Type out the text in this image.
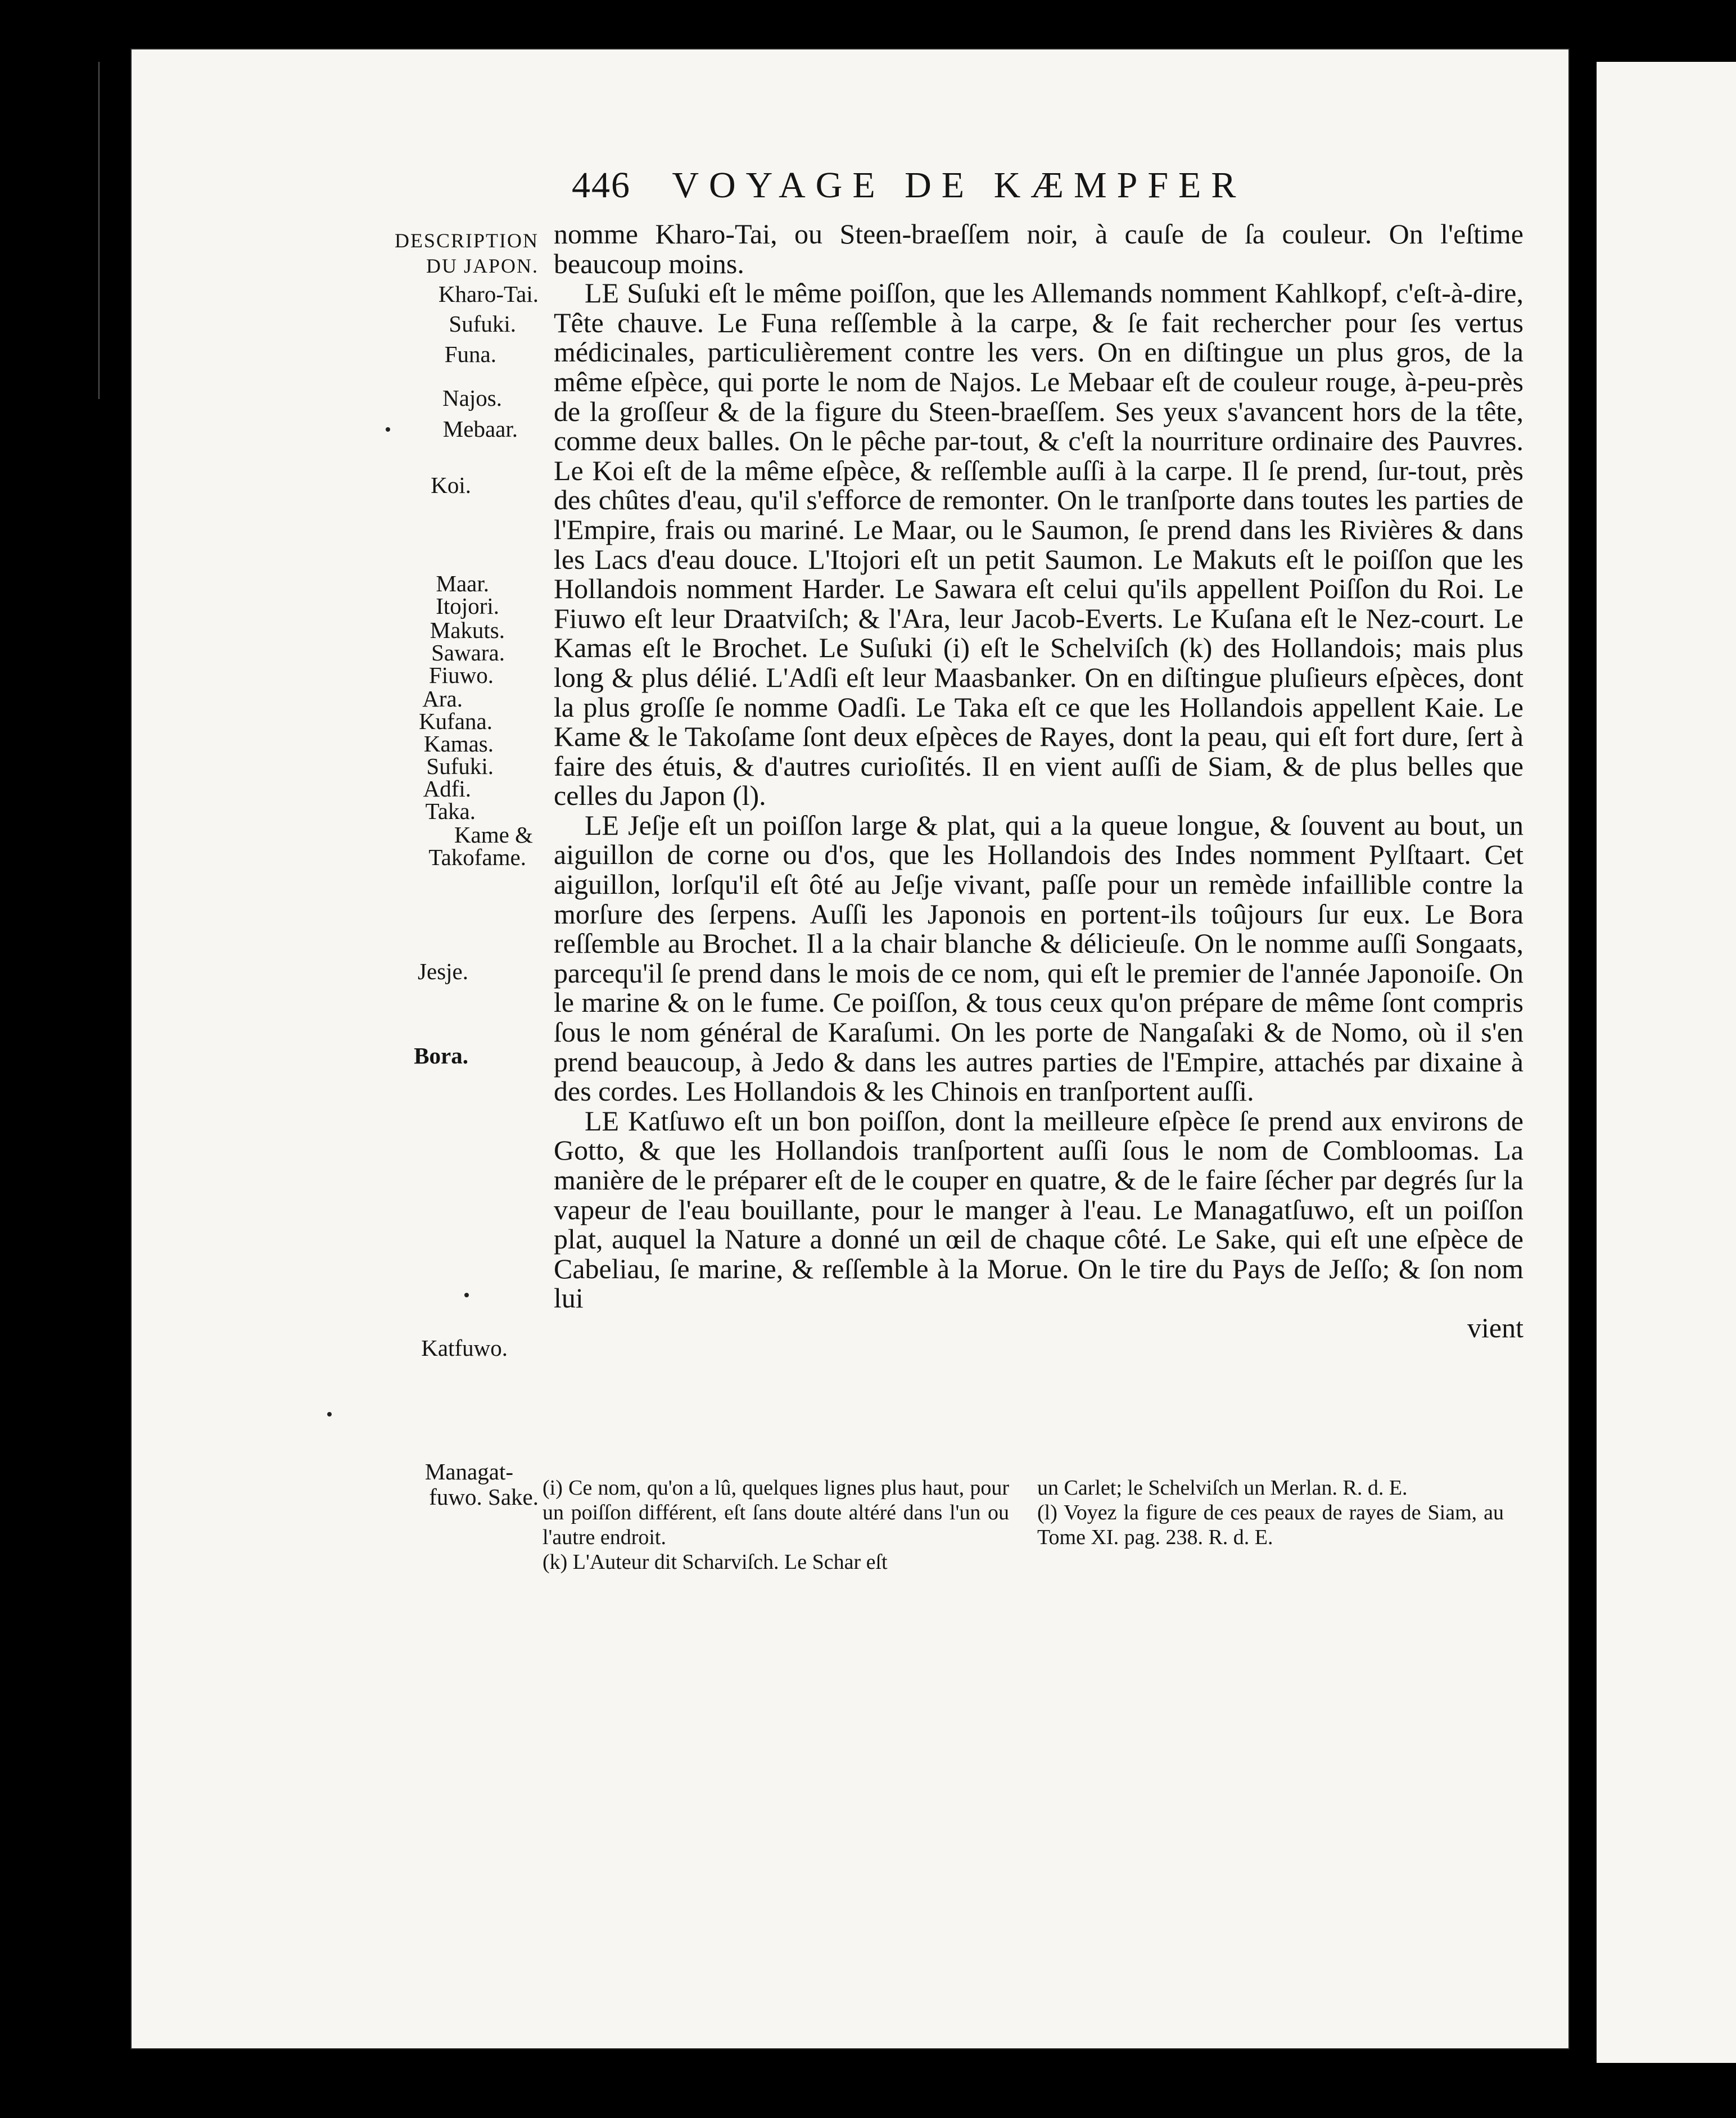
446 VOYAGE DE KÆMPFER
DESCRIPTION
DU JAPON.
Kharo-Tai.
Sufuki.
Funa.
Najos.
Mebaar.
Koi.
Maar.
Itojori.
Makuts.
Sawara.
Fiuwo.
Ara.
Kufana.
Kamas.
Sufuki.
Adfi.
Taka.
Kame &
Takofame.
Jesje.
Bora.
Katfuwo.
Managat-
fuwo. Sake.

nomme Kharo-Tai, ou Steen-braeſſem noir, à cauſe de ſa couleur. On l'eſtime beaucoup moins.

LE Suſuki eſt le même poiſſon, que les Allemands nomment Kahlkopf, c'eſt-à-dire, Tête chauve. Le Funa reſſemble à la carpe, & ſe fait rechercher pour ſes vertus médicinales, particulièrement contre les vers. On en diſtingue un plus gros, de la même eſpèce, qui porte le nom de Najos. Le Mebaar eſt de couleur rouge, à-peu-près de la groſſeur & de la figure du Steen-braeſſem. Ses yeux s'avancent hors de la tête, comme deux balles. On le pêche par-tout, & c'eſt la nourriture ordinaire des Pauvres. Le Koi eſt de la même eſpèce, & reſſemble auſſi à la carpe. Il ſe prend, ſur-tout, près des chûtes d'eau, qu'il s'efforce de remonter. On le tranſporte dans toutes les parties de l'Empire, frais ou mariné. Le Maar, ou le Saumon, ſe prend dans les Rivières & dans les Lacs d'eau douce. L'Itojori eſt un petit Saumon. Le Makuts eſt le poiſſon que les Hollandois nomment Harder. Le Sawara eſt celui qu'ils appellent Poiſſon du Roi. Le Fiuwo eſt leur Draatviſch; & l'Ara, leur Jacob-Everts. Le Kuſana eſt le Nez-court. Le Kamas eſt le Brochet. Le Suſuki (i) eſt le Schelviſch (k) des Hollandois; mais plus long & plus délié. L'Adſi eſt leur Maasbanker. On en diſtingue pluſieurs eſpèces, dont la plus groſſe ſe nomme Oadſi. Le Taka eſt ce que les Hollandois appellent Kaie. Le Kame & le Takoſame ſont deux eſpèces de Rayes, dont la peau, qui eſt fort dure, ſert à faire des étuis, & d'autres curioſités. Il en vient auſſi de Siam, & de plus belles que celles du Japon (l).

LE Jeſje eſt un poiſſon large & plat, qui a la queue longue, & ſouvent au bout, un aiguillon de corne ou d'os, que les Hollandois des Indes nomment Pylſtaart. Cet aiguillon, lorſqu'il eſt ôté au Jeſje vivant, paſſe pour un remède infaillible contre la morſure des ſerpens. Auſſi les Japonois en portent-ils toûjours ſur eux. Le Bora reſſemble au Brochet. Il a la chair blanche & délicieuſe. On le nomme auſſi Songaats, parcequ'il ſe prend dans le mois de ce nom, qui eſt le premier de l'année Japonoiſe. On le marine & on le fume. Ce poiſſon, & tous ceux qu'on prépare de même ſont compris ſous le nom général de Karaſumi. On les porte de Nangaſaki & de Nomo, où il s'en prend beaucoup, à Jedo & dans les autres parties de l'Empire, attachés par dixaine à des cordes. Les Hollandois & les Chinois en tranſportent auſſi.

LE Katſuwo eſt un bon poiſſon, dont la meilleure eſpèce ſe prend aux environs de Gotto, & que les Hollandois tranſportent auſſi ſous le nom de Combloomas. La manière de le préparer eſt de le couper en quatre, & de le faire ſécher par degrés ſur la vapeur de l'eau bouillante, pour le manger à l'eau. Le Managatſuwo, eſt un poiſſon plat, auquel la Nature a donné un œil de chaque côté. Le Sake, qui eſt une eſpèce de Cabeliau, ſe marine, & reſſemble à la Morue. On le tire du Pays de Jeſſo; & ſon nom lui

vient

(i) Ce nom, qu'on a lû, quelques lignes plus haut, pour un poiſſon différent, eſt ſans doute altéré dans l'un ou l'autre endroit.

(k) L'Auteur dit Scharviſch. Le Schar eſt

un Carlet; le Schelviſch un Merlan. R. d. E.

(l) Voyez la figure de ces peaux de rayes de Siam, au Tome XI. pag. 238. R. d. E.
